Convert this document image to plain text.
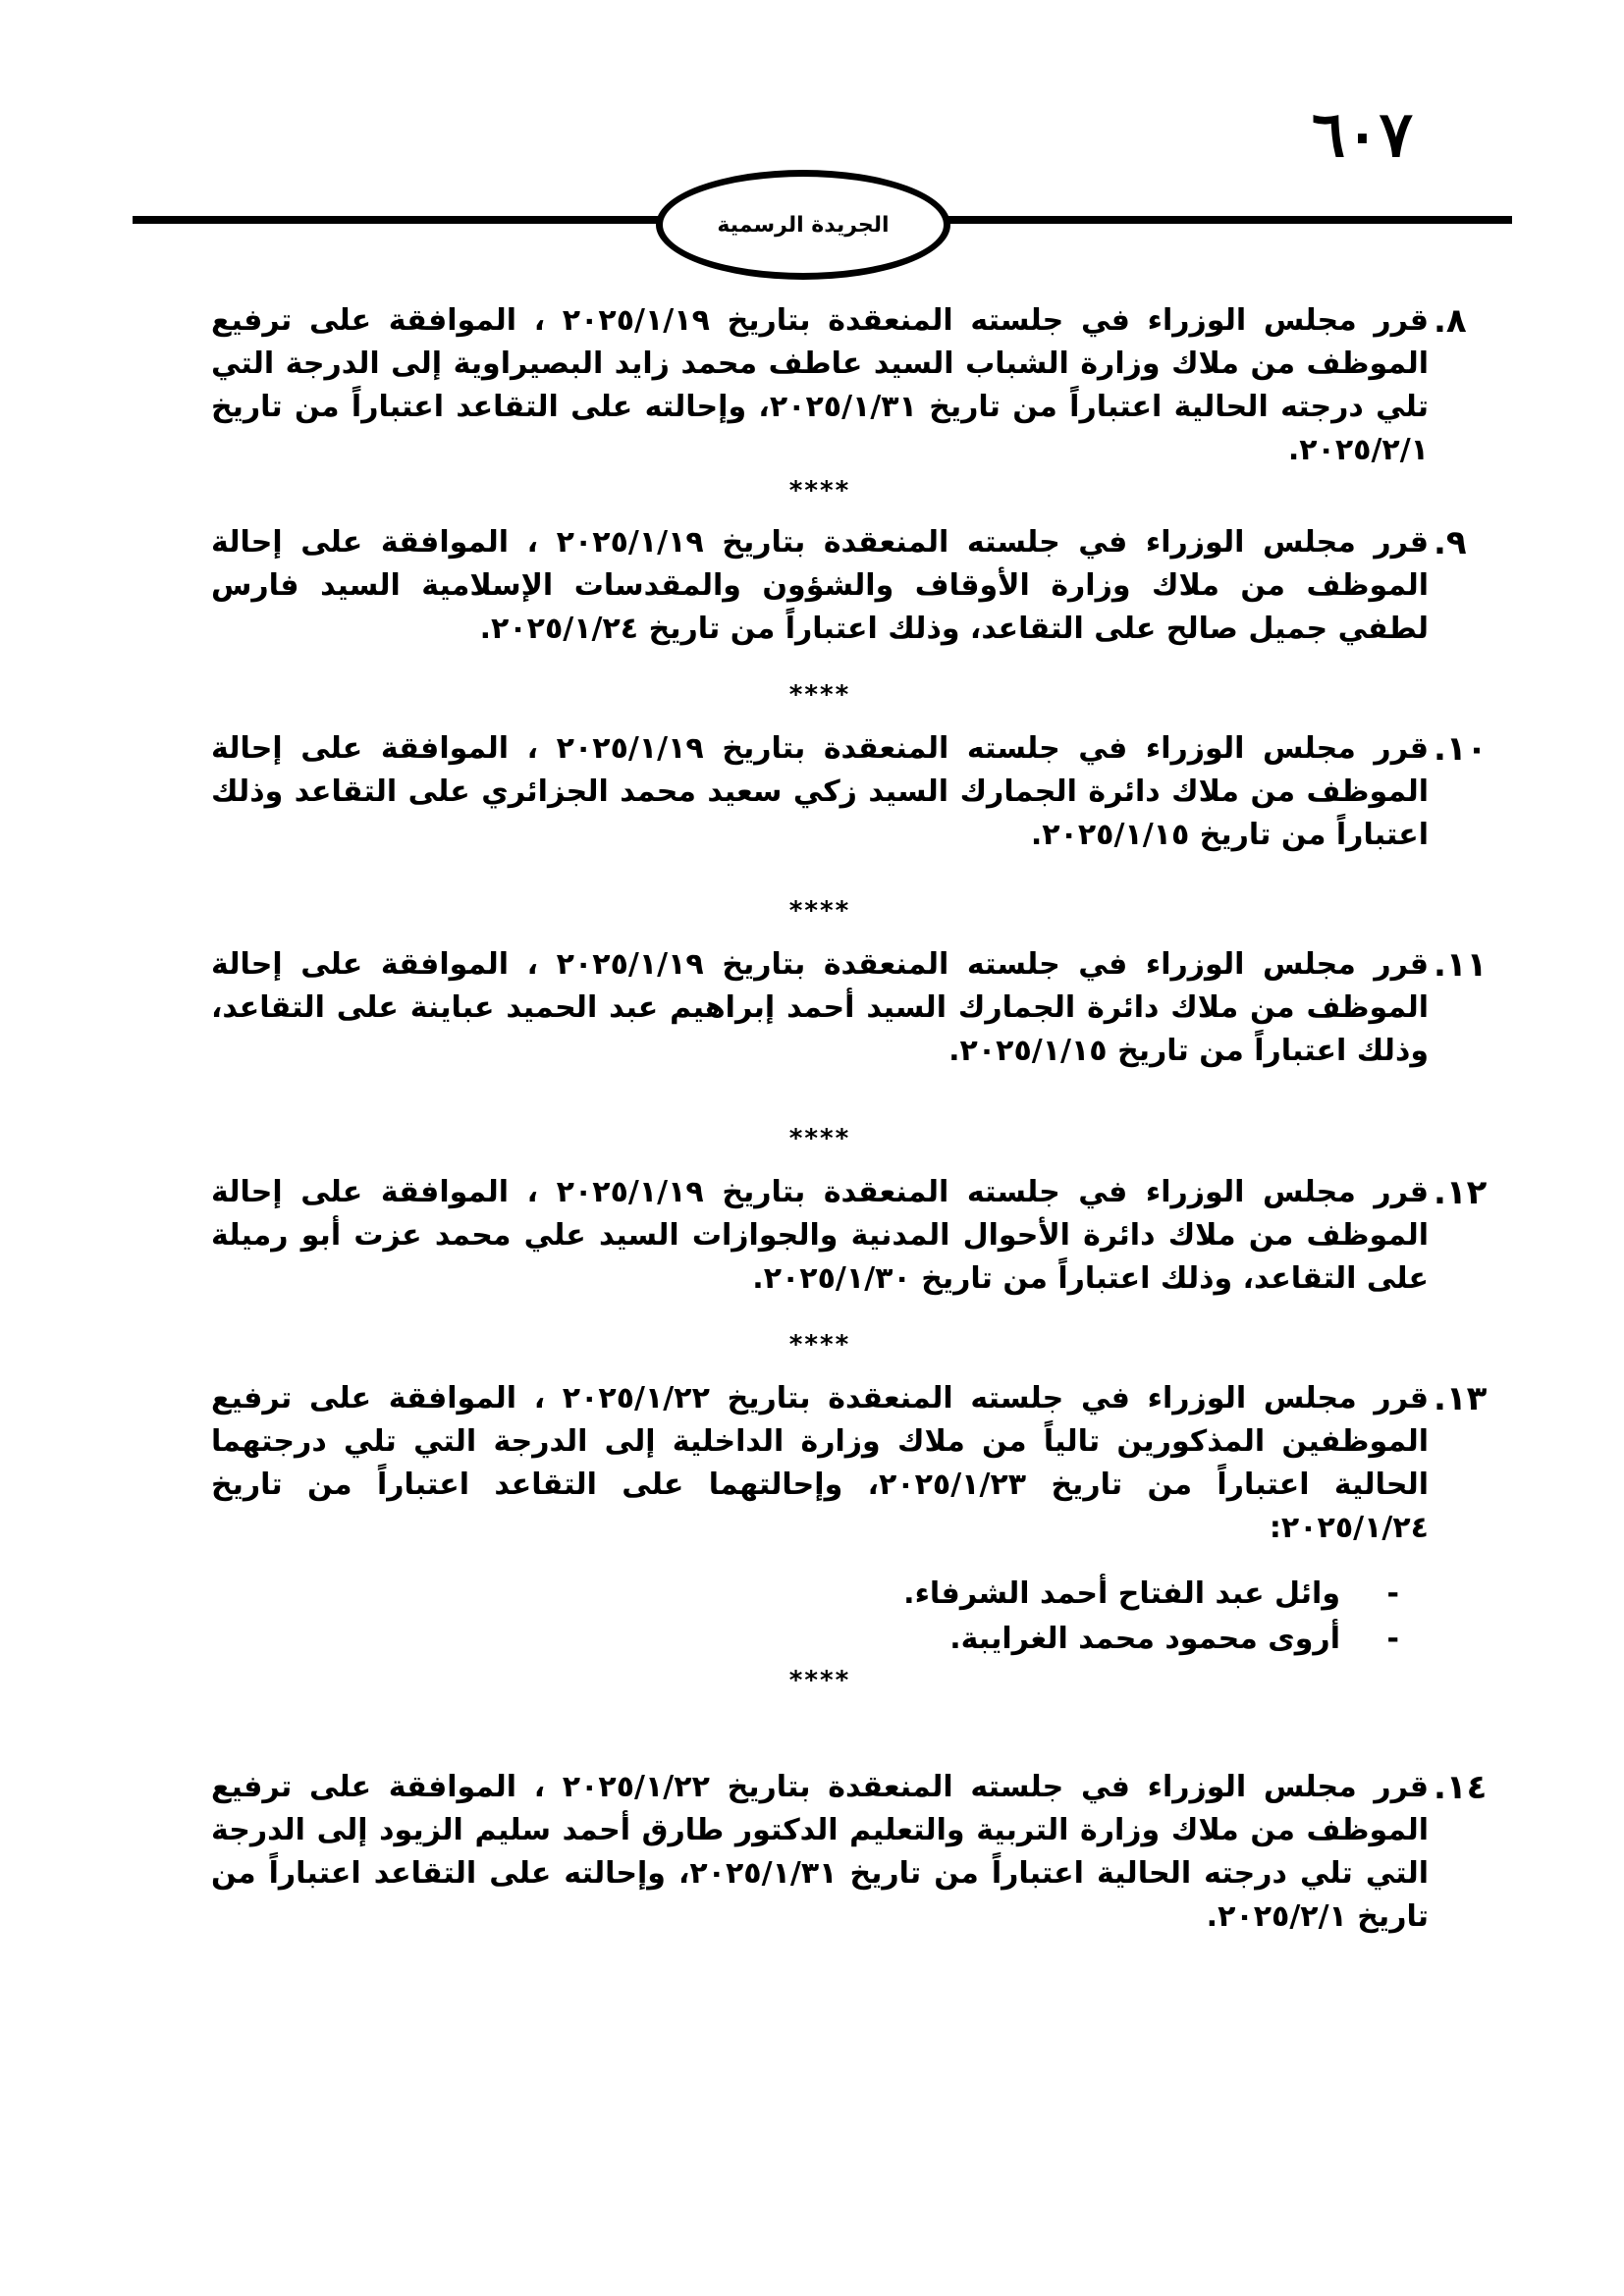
٦٠٧
الجريدة الرسمية
٨.
قرر مجلس الوزراء في جلسته المنعقدة بتاريخ ٢٠٢٥/١/١٩ ، الموافقة على ترفيع الموظف من ملاك وزارة الشباب السيد عاطف محمد زايد البصيراوية إلى الدرجة التي تلي درجته الحالية اعتباراً من تاريخ ٢٠٢٥/١/٣١، وإحالته على التقاعد اعتباراً من تاريخ ٢٠٢٥/٢/١.
****
٩.
قرر مجلس الوزراء في جلسته المنعقدة بتاريخ ٢٠٢٥/١/١٩ ، الموافقة على إحالة الموظف من ملاك وزارة الأوقاف والشؤون والمقدسات الإسلامية السيد فارس لطفي جميل صالح على التقاعد، وذلك اعتباراً من تاريخ ٢٠٢٥/١/٢٤.
****
١٠.
قرر مجلس الوزراء في جلسته المنعقدة بتاريخ ٢٠٢٥/١/١٩ ، الموافقة على إحالة الموظف من ملاك دائرة الجمارك السيد زكي سعيد محمد الجزائري على التقاعد وذلك اعتباراً من تاريخ ٢٠٢٥/١/١٥.
****
١١.
قرر مجلس الوزراء في جلسته المنعقدة بتاريخ ٢٠٢٥/١/١٩ ، الموافقة على إحالة الموظف من ملاك دائرة الجمارك السيد أحمد إبراهيم عبد الحميد عباينة على التقاعد، وذلك اعتباراً من تاريخ ٢٠٢٥/١/١٥.
****
١٢.
قرر مجلس الوزراء في جلسته المنعقدة بتاريخ ٢٠٢٥/١/١٩ ، الموافقة على إحالة الموظف من ملاك دائرة الأحوال المدنية والجوازات السيد علي محمد عزت أبو رميلة على التقاعد، وذلك اعتباراً من تاريخ ٢٠٢٥/١/٣٠.
****
١٣.
قرر مجلس الوزراء في جلسته المنعقدة بتاريخ ٢٠٢٥/١/٢٢ ، الموافقة على ترفيع الموظفين المذكورين تالياً من ملاك وزارة الداخلية إلى الدرجة التي تلي درجتهما الحالية اعتباراً من تاريخ ٢٠٢٥/١/٢٣، وإحالتهما على التقاعد اعتباراً من تاريخ ٢٠٢٥/١/٢٤:
-وائل عبد الفتاح أحمد الشرفاء.
-أروى محمود محمد الغرايبة.
****
١٤.
قرر مجلس الوزراء في جلسته المنعقدة بتاريخ ٢٠٢٥/١/٢٢ ، الموافقة على ترفيع الموظف من ملاك وزارة التربية والتعليم الدكتور طارق أحمد سليم الزيود إلى الدرجة التي تلي درجته الحالية اعتباراً من تاريخ ٢٠٢٥/١/٣١، وإحالته على التقاعد اعتباراً من تاريخ ٢٠٢٥/٢/١.
